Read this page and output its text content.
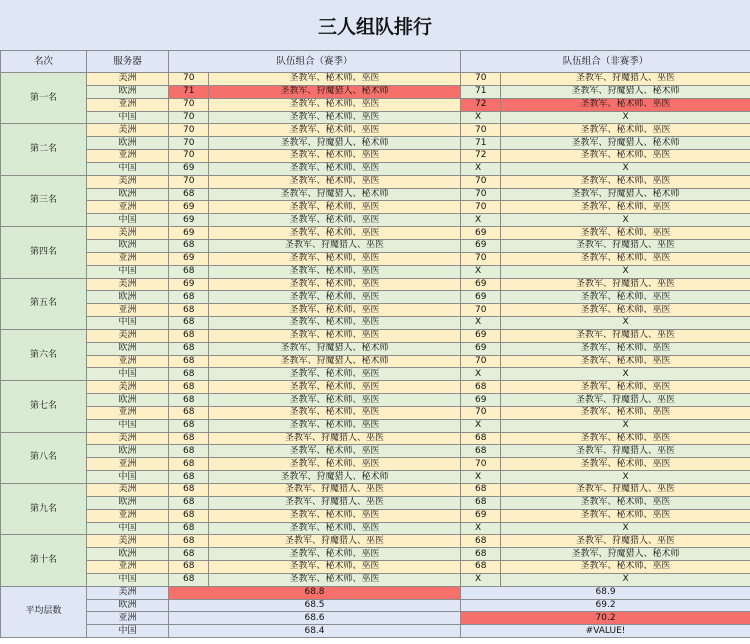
三人组队排行
名次	服务器	队伍组合（赛季）		队伍组合（非赛季）	
第一名	美洲	70	圣教军、秘术师、巫医	70	圣教军、狩魔猎人、巫医
	欧洲	71	圣教军、狩魔猎人、秘术师	71	圣教军、狩魔猎人、秘术师
	亚洲	70	圣教军、秘术师、巫医	72	圣教军、秘术师、巫医
	中国	70	圣教军、秘术师、巫医	X	X
第二名	美洲	70	圣教军、秘术师、巫医	70	圣教军、秘术师、巫医
	欧洲	70	圣教军、狩魔猎人、秘术师	71	圣教军、狩魔猎人、秘术师
	亚洲	70	圣教军、秘术师、巫医	72	圣教军、秘术师、巫医
	中国	69	圣教军、秘术师、巫医	X	X
第三名	美洲	70	圣教军、秘术师、巫医	70	圣教军、秘术师、巫医
	欧洲	68	圣教军、狩魔猎人、秘术师	70	圣教军、狩魔猎人、秘术师
	亚洲	69	圣教军、秘术师、巫医	70	圣教军、秘术师、巫医
	中国	69	圣教军、秘术师、巫医	X	X
第四名	美洲	69	圣教军、秘术师、巫医	69	圣教军、秘术师、巫医
	欧洲	68	圣教军、狩魔猎人、巫医	69	圣教军、狩魔猎人、巫医
	亚洲	69	圣教军、秘术师、巫医	70	圣教军、秘术师、巫医
	中国	68	圣教军、秘术师、巫医	X	X
第五名	美洲	69	圣教军、秘术师、巫医	69	圣教军、狩魔猎人、巫医
	欧洲	68	圣教军、秘术师、巫医	69	圣教军、秘术师、巫医
	亚洲	68	圣教军、秘术师、巫医	70	圣教军、秘术师、巫医
	中国	68	圣教军、秘术师、巫医	X	X
第六名	美洲	68	圣教军、秘术师、巫医	69	圣教军、狩魔猎人、巫医
	欧洲	68	圣教军、狩魔猎人、秘术师	69	圣教军、秘术师、巫医
	亚洲	68	圣教军、狩魔猎人、秘术师	70	圣教军、秘术师、巫医
	中国	68	圣教军、秘术师、巫医	X	X
第七名	美洲	68	圣教军、秘术师、巫医	68	圣教军、秘术师、巫医
	欧洲	68	圣教军、秘术师、巫医	69	圣教军、狩魔猎人、巫医
	亚洲	68	圣教军、秘术师、巫医	70	圣教军、秘术师、巫医
	中国	68	圣教军、秘术师、巫医	X	X
第八名	美洲	68	圣教军、狩魔猎人、巫医	68	圣教军、秘术师、巫医
	欧洲	68	圣教军、秘术师、巫医	68	圣教军、狩魔猎人、巫医
	亚洲	68	圣教军、秘术师、巫医	70	圣教军、秘术师、巫医
	中国	68	圣教军、狩魔猎人、秘术师	X	X
第九名	美洲	68	圣教军、狩魔猎人、巫医	68	圣教军、狩魔猎人、巫医
	欧洲	68	圣教军、狩魔猎人、巫医	68	圣教军、秘术师、巫医
	亚洲	68	圣教军、秘术师、巫医	69	圣教军、秘术师、巫医
	中国	68	圣教军、秘术师、巫医	X	X
第十名	美洲	68	圣教军、狩魔猎人、巫医	68	圣教军、狩魔猎人、巫医
	欧洲	68	圣教军、秘术师、巫医	68	圣教军、狩魔猎人、秘术师
	亚洲	68	圣教军、秘术师、巫医	68	圣教军、秘术师、巫医
	中国	68	圣教军、秘术师、巫医	X	X
平均层数	美洲	68.8		68.9	
	欧洲	68.5		69.2	
	亚洲	68.6		70.2	
	中国	68.4		#VALUE!	
